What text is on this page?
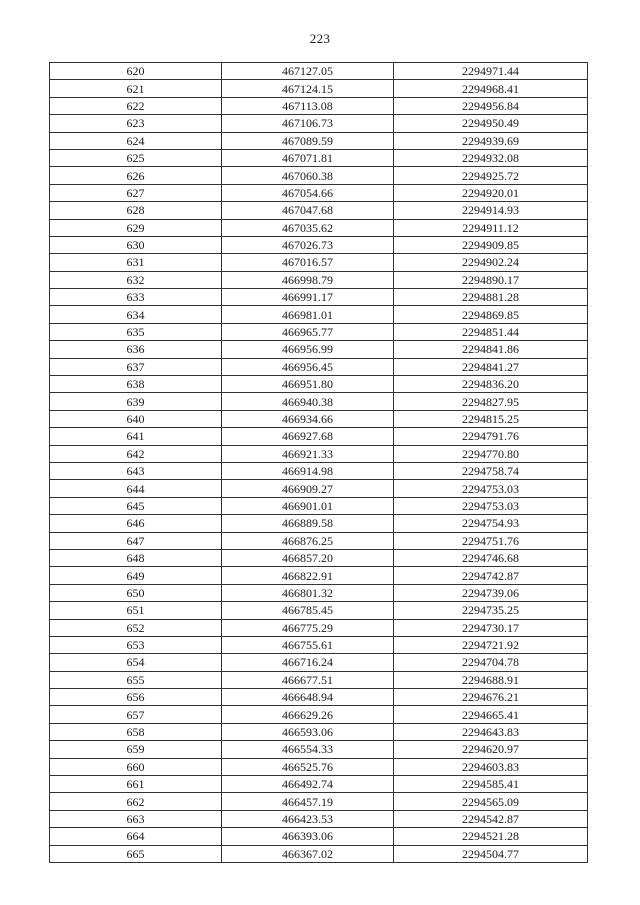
223
620	467127.05	2294971.44
621	467124.15	2294968.41
622	467113.08	2294956.84
623	467106.73	2294950.49
624	467089.59	2294939.69
625	467071.81	2294932.08
626	467060.38	2294925.72
627	467054.66	2294920.01
628	467047.68	2294914.93
629	467035.62	2294911.12
630	467026.73	2294909.85
631	467016.57	2294902.24
632	466998.79	2294890.17
633	466991.17	2294881.28
634	466981.01	2294869.85
635	466965.77	2294851.44
636	466956.99	2294841.86
637	466956.45	2294841.27
638	466951.80	2294836.20
639	466940.38	2294827.95
640	466934.66	2294815.25
641	466927.68	2294791.76
642	466921.33	2294770.80
643	466914.98	2294758.74
644	466909.27	2294753.03
645	466901.01	2294753.03
646	466889.58	2294754.93
647	466876.25	2294751.76
648	466857.20	2294746.68
649	466822.91	2294742.87
650	466801.32	2294739.06
651	466785.45	2294735.25
652	466775.29	2294730.17
653	466755.61	2294721.92
654	466716.24	2294704.78
655	466677.51	2294688.91
656	466648.94	2294676.21
657	466629.26	2294665.41
658	466593.06	2294643.83
659	466554.33	2294620.97
660	466525.76	2294603.83
661	466492.74	2294585.41
662	466457.19	2294565.09
663	466423.53	2294542.87
664	466393.06	2294521.28
665	466367.02	2294504.77
